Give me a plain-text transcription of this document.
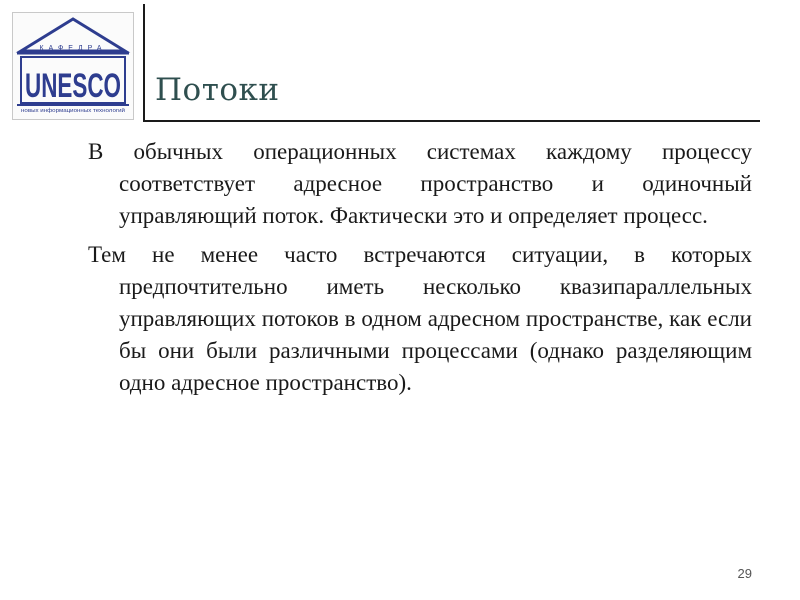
КАФЕДРА
UNESCO
новых информационных технологий
Потоки

В обычных операционных системах каждому процессу соответствует адресное пространство и одиночный управляющий поток. Фактически это и определяет процесс.

Тем не менее часто встречаются ситуации, в которых предпочтительно иметь несколько квазипараллельных управляющих потоков в одном адресном пространстве, как если бы они были различными процессами (однако разделяющим одно адресное пространство).

29
